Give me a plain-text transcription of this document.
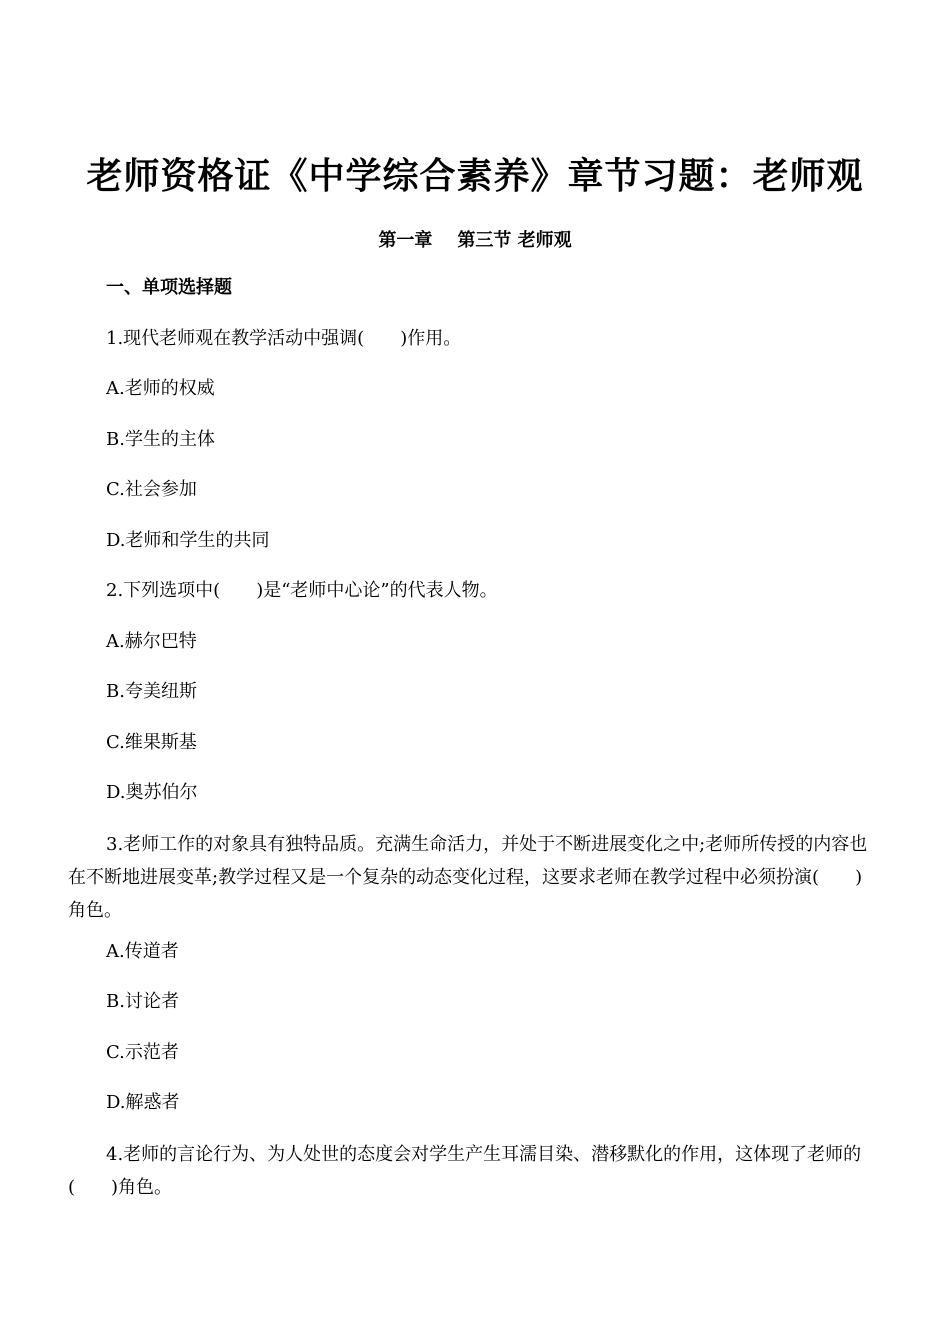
老师资格证《中学综合素养》章节习题：老师观
第一章    第三节 老师观
一、单项选择题
1.现代老师观在教学活动中强调(　　)作用。
A.老师的权威
B.学生的主体
C.社会参加
D.老师和学生的共同
2.下列选项中(　　)是“老师中心论”的代表人物。
A.赫尔巴特
B.夸美纽斯
C.维果斯基
D.奥苏伯尔
3.老师工作的对象具有独特品质。充满生命活力，并处于不断进展变化之中;老师所传授的内容也在不断地进展变革;教学过程又是一个复杂的动态变化过程，这要求老师在教学过程中必须扮演(　　)角色。
A.传道者
B.讨论者
C.示范者
D.解惑者
4.老师的言论行为、为人处世的态度会对学生产生耳濡目染、潜移默化的作用，这体现了老师的(　　)角色。
